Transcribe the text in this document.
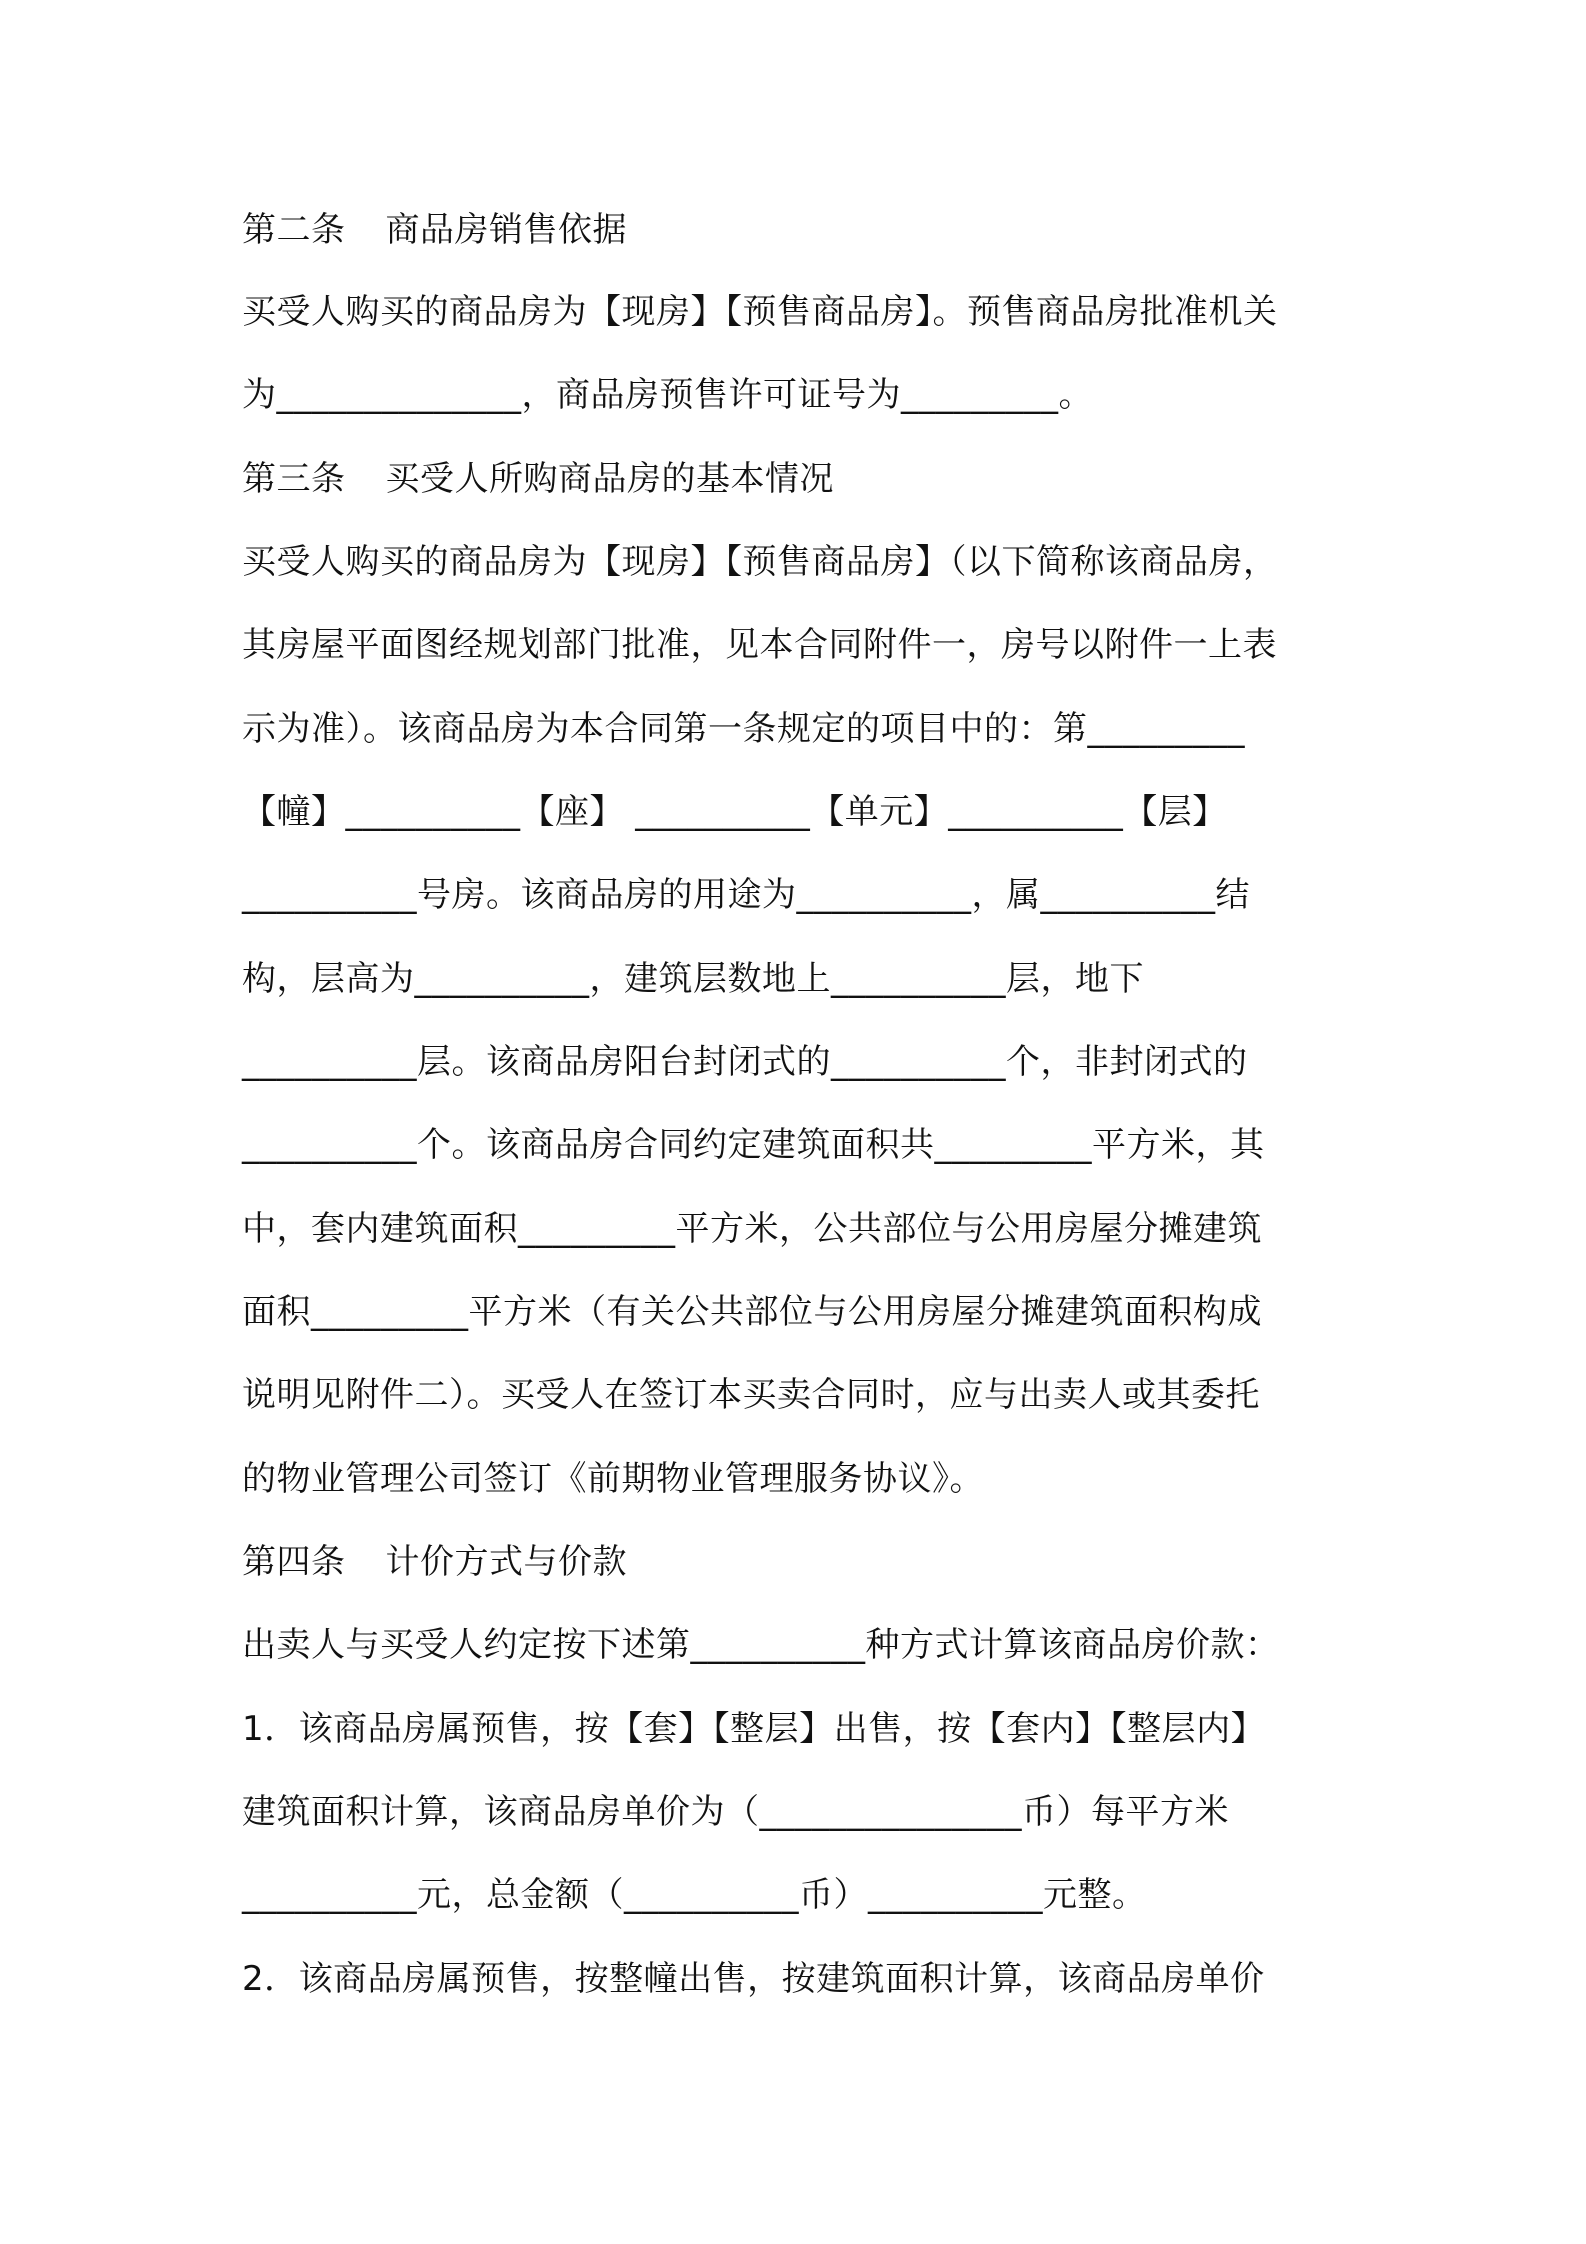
第二条 商品房销售依据
买受人购买的商品房为【现房】【预售商品房】。预售商品房批准机关
为______________，商品房预售许可证号为_________。
第三条 买受人所购商品房的基本情况
买受人购买的商品房为【现房】【预售商品房】（以下简称该商品房，
其房屋平面图经规划部门批准，见本合同附件一，房号以附件一上表
示为准）。该商品房为本合同第一条规定的项目中的：第_________
【幢】__________【座】 __________【单元】__________【层】
__________号房。该商品房的用途为__________，属__________结
构，层高为__________，建筑层数地上__________层，地下
__________层。该商品房阳台封闭式的__________个，非封闭式的
__________个。该商品房合同约定建筑面积共_________平方米，其
中，套内建筑面积_________平方米，公共部位与公用房屋分摊建筑
面积_________平方米（有关公共部位与公用房屋分摊建筑面积构成
说明见附件二）。买受人在签订本买卖合同时，应与出卖人或其委托
的物业管理公司签订《前期物业管理服务协议》。
第四条 计价方式与价款
出卖人与买受人约定按下述第__________种方式计算该商品房价款：
1．该商品房属预售，按【套】【整层】出售，按【套内】【整层内】
建筑面积计算，该商品房单价为（_______________币）每平方米
__________元，总金额（__________币）__________元整。
2．该商品房属预售，按整幢出售，按建筑面积计算，该商品房单价
